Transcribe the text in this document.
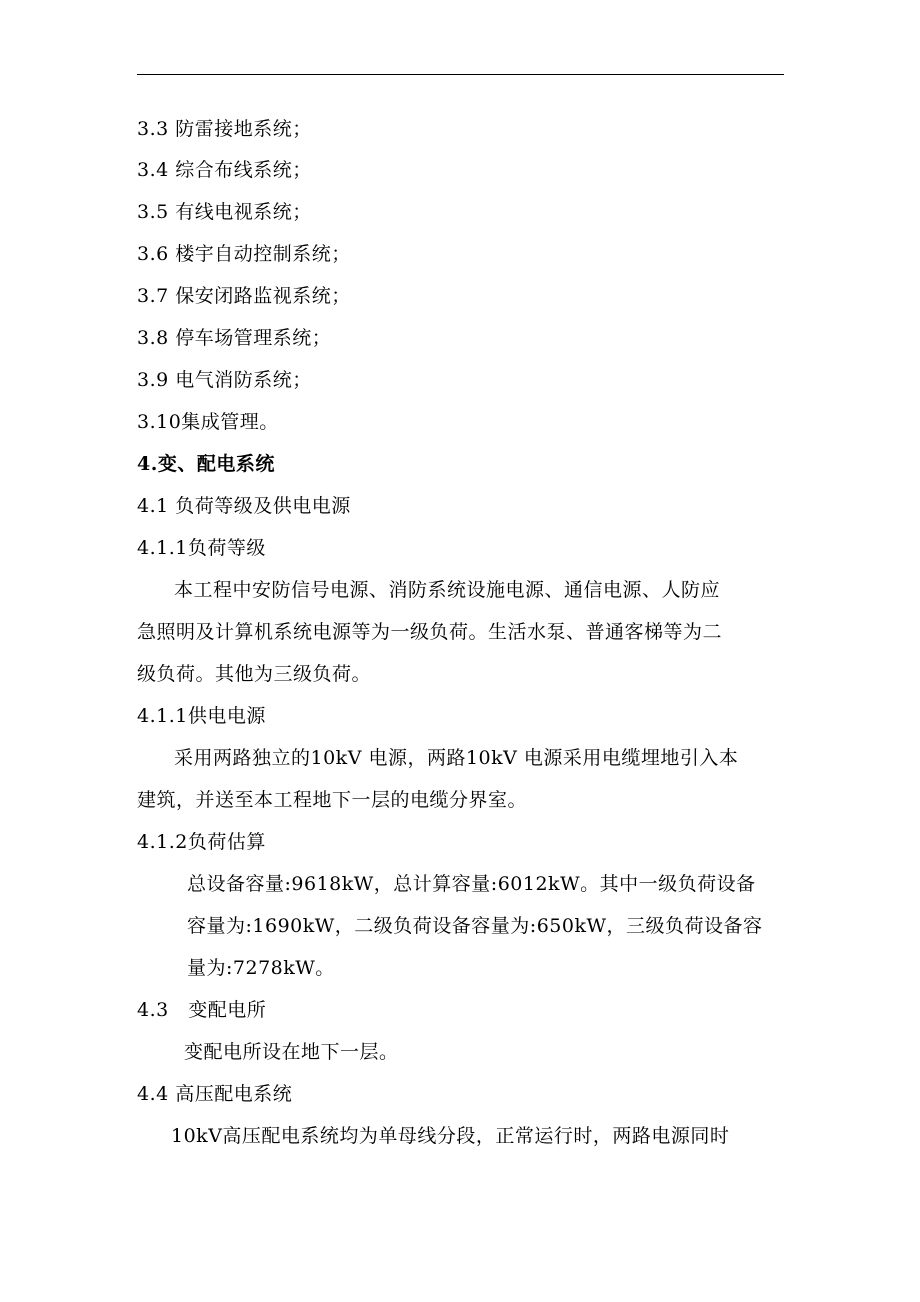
3.3 防雷接地系统；
3.4 综合布线系统；
3.5 有线电视系统；
3.6 楼宇自动控制系统；
3.7 保安闭路监视系统；
3.8 停车场管理系统；
3.9 电气消防系统；
3.10集成管理。
4.变、配电系统
4.1 负荷等级及供电电源
4.1.1负荷等级
本工程中安防信号电源、消防系统设施电源、通信电源、人防应
急照明及计算机系统电源等为一级负荷。生活水泵、普通客梯等为二
级负荷。其他为三级负荷。
4.1.1供电电源
采用两路独立的10kV 电源，两路10kV 电源采用电缆埋地引入本
建筑，并送至本工程地下一层的电缆分界室。
4.1.2负荷估算
总设备容量:9618kW，总计算容量:6012kW。其中一级负荷设备
容量为:1690kW，二级负荷设备容量为:650kW，三级负荷设备容
量为:7278kW。
4.3　变配电所
变配电所设在地下一层。
4.4 高压配电系统
10kV高压配电系统均为单母线分段，正常运行时，两路电源同时
